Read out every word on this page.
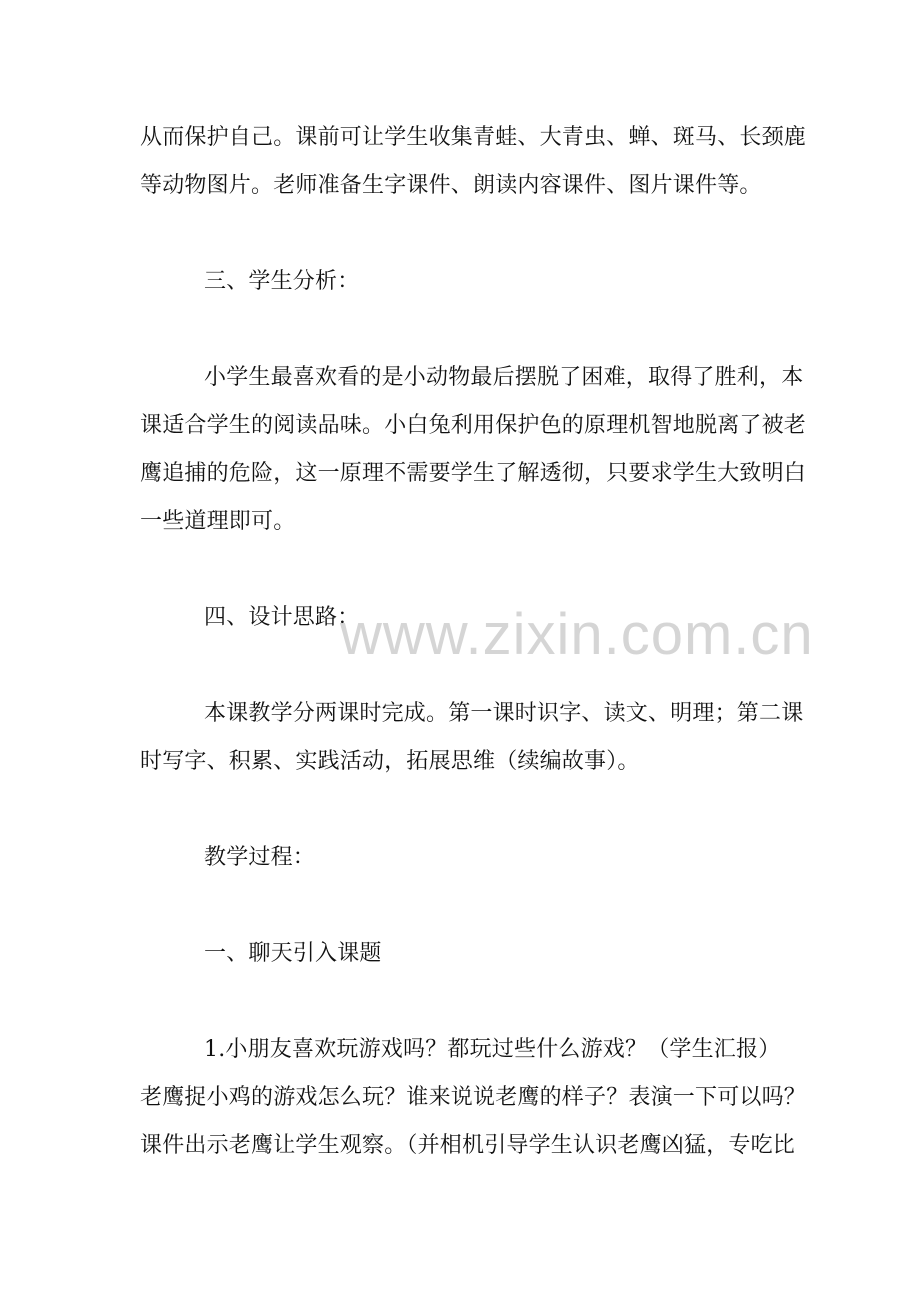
从而保护自己。课前可让学生收集青蛙、大青虫、蝉、斑马、长颈鹿
等动物图片。老师准备生字课件、朗读内容课件、图片课件等。
三、学生分析：
小学生最喜欢看的是小动物最后摆脱了困难，取得了胜利，本
课适合学生的阅读品味。小白兔利用保护色的原理机智地脱离了被老
鹰追捕的危险，这一原理不需要学生了解透彻，只要求学生大致明白
一些道理即可。
四、设计思路：
本课教学分两课时完成。第一课时识字、读文、明理；第二课
时写字、积累、实践活动，拓展思维（续编故事）。
教学过程：
一、聊天引入课题
1.小朋友喜欢玩游戏吗？都玩过些什么游戏？（学生汇报）
老鹰捉小鸡的游戏怎么玩？谁来说说老鹰的样子？表演一下可以吗？
课件出示老鹰让学生观察。（并相机引导学生认识老鹰凶猛，专吃比
www.zixin.com.cn
